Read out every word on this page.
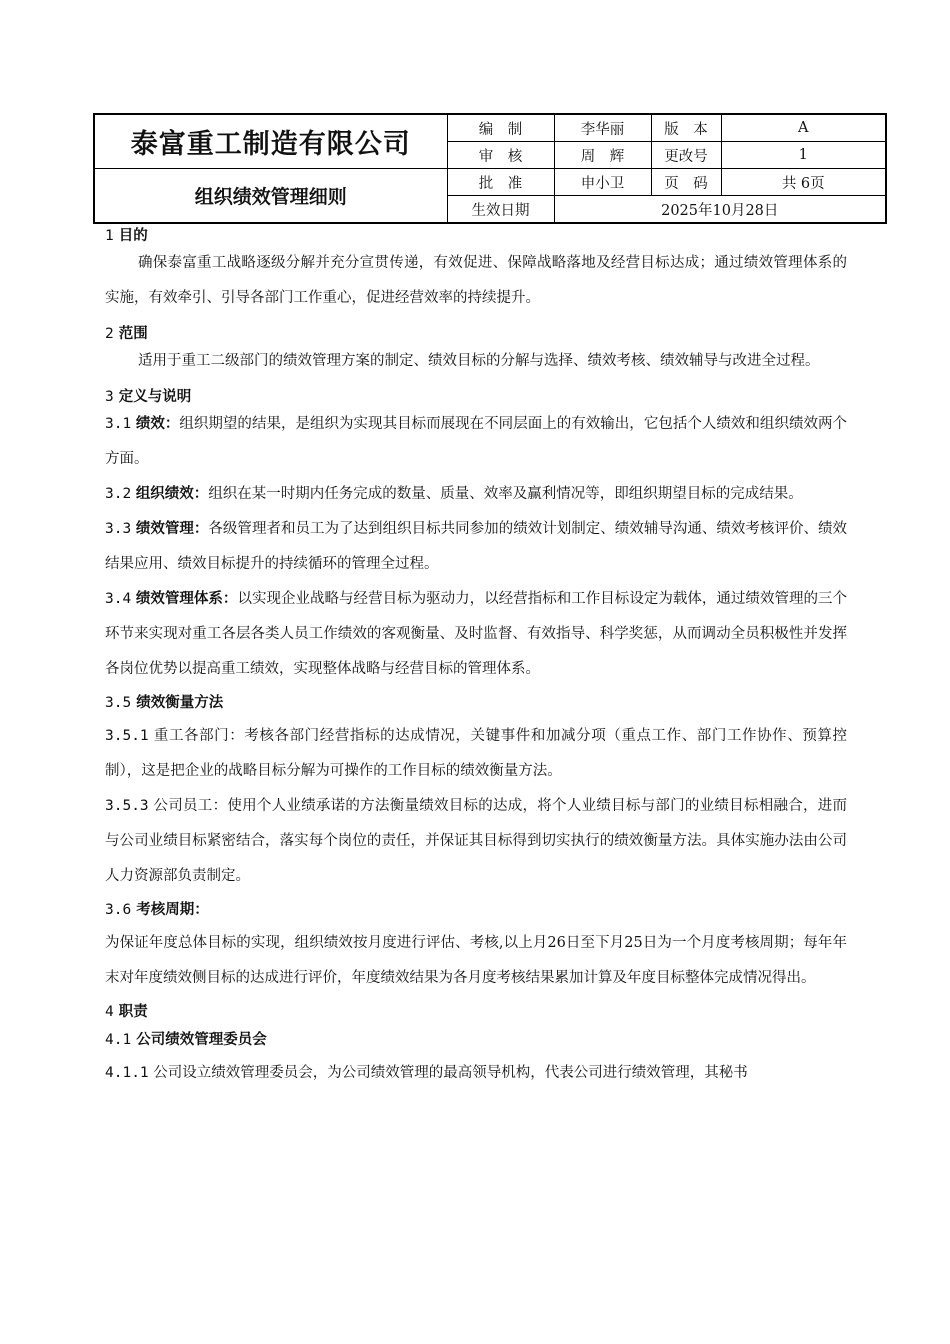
泰富重工制造有限公司	编　制	李华丽	版　本	A
	审　核	周　辉	更改号	1
组织绩效管理细则	批　准	申小卫	页　码	共 6页
	生效日期	2025年10月28日		
1 目的

确保泰富重工战略逐级分解并充分宣贯传递，有效促进、保障战略落地及经营目标达成；通过绩效管理体系的实施，有效牵引、引导各部门工作重心，促进经营效率的持续提升。

2 范围

适用于重工二级部门的绩效管理方案的制定、绩效目标的分解与选择、绩效考核、绩效辅导与改进全过程。

3 定义与说明

3.1 绩效：组织期望的结果，是组织为实现其目标而展现在不同层面上的有效输出，它包括个人绩效和组织绩效两个方面。

3.2 组织绩效：组织在某一时期内任务完成的数量、质量、效率及赢利情况等，即组织期望目标的完成结果。

3.3 绩效管理：各级管理者和员工为了达到组织目标共同参加的绩效计划制定、绩效辅导沟通、绩效考核评价、绩效结果应用、绩效目标提升的持续循环的管理全过程。

3.4 绩效管理体系：以实现企业战略与经营目标为驱动力，以经营指标和工作目标设定为载体，通过绩效管理的三个环节来实现对重工各层各类人员工作绩效的客观衡量、及时监督、有效指导、科学奖惩，从而调动全员积极性并发挥各岗位优势以提高重工绩效，实现整体战略与经营目标的管理体系。

3.5 绩效衡量方法

3.5.1 重工各部门：考核各部门经营指标的达成情况，关键事件和加减分项（重点工作、部门工作协作、预算控制），这是把企业的战略目标分解为可操作的工作目标的绩效衡量方法。

3.5.3 公司员工：使用个人业绩承诺的方法衡量绩效目标的达成，将个人业绩目标与部门的业绩目标相融合，进而与公司业绩目标紧密结合，落实每个岗位的责任，并保证其目标得到切实执行的绩效衡量方法。具体实施办法由公司人力资源部负责制定。

3.6 考核周期：

为保证年度总体目标的实现，组织绩效按月度进行评估、考核,以上月26日至下月25日为一个月度考核周期；每年年末对年度绩效侧目标的达成进行评价，年度绩效结果为各月度考核结果累加计算及年度目标整体完成情况得出。

4 职责
4.1 公司绩效管理委员会

4.1.1 公司设立绩效管理委员会，为公司绩效管理的最高领导机构，代表公司进行绩效管理，其秘书
